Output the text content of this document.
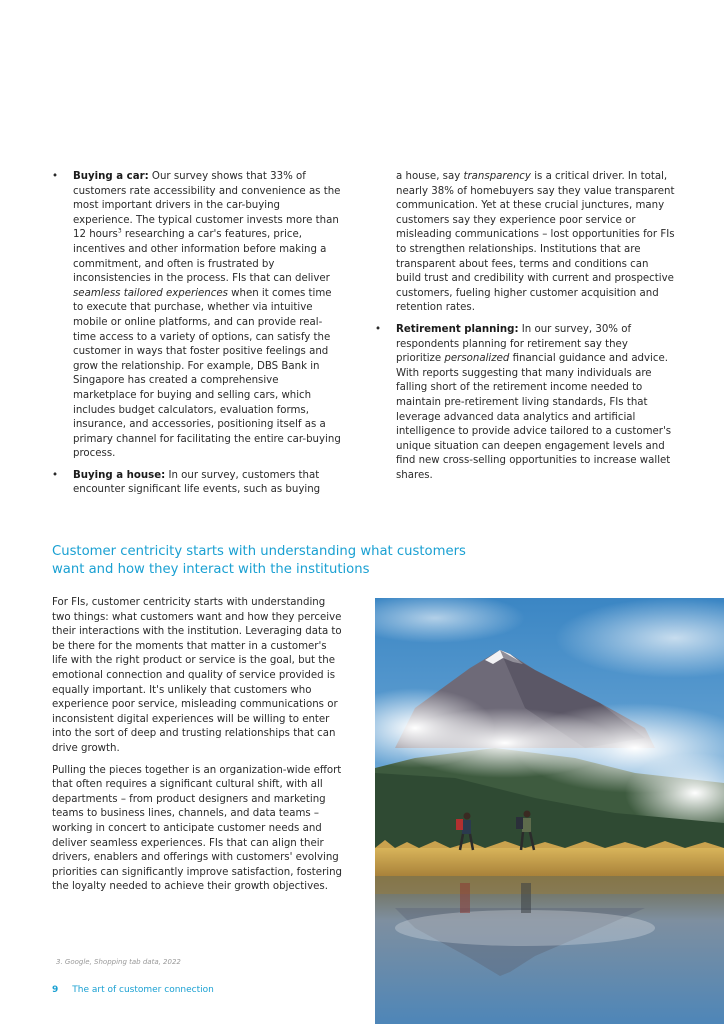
• Buying a car: Our survey shows that 33% of customers rate accessibility and convenience as the most important drivers in the car-buying experience. The typical customer invests more than 12 hours$^3$ researching a car's features, price, incentives and other information before making a commitment, and often is frustrated by inconsistencies in the process. FIs that can deliver seamless tailored experiences when it comes time to execute that purchase, whether via intuitive mobile or online platforms, and can provide real-time access to a variety of options, can satisfy the customer in ways that foster positive feelings and grow the relationship. For example, DBS Bank in Singapore has created a comprehensive marketplace for buying and selling cars, which includes budget calculators, evaluation forms, insurance, and accessories, positioning itself as a primary channel for facilitating the entire car-buying process.
• Buying a house: In our survey, customers that encounter significant life events, such as buying
a house, say transparency is a critical driver. In total, nearly 38% of homebuyers say they value transparent communication. Yet at these crucial junctures, many customers say they experience poor service or misleading communications – lost opportunities for FIs to strengthen relationships. Institutions that are transparent about fees, terms and conditions can build trust and credibility with current and prospective customers, fueling higher customer acquisition and retention rates.
• Retirement planning: In our survey, 30% of respondents planning for retirement say they prioritize personalized financial guidance and advice. With reports suggesting that many individuals are falling short of the retirement income needed to maintain pre-retirement living standards, FIs that leverage advanced data analytics and artificial intelligence to provide advice tailored to a customer's unique situation can deepen engagement levels and find new cross-selling opportunities to increase wallet shares.
Customer centricity starts with understanding what customers
want and how they interact with the institutions

For FIs, customer centricity starts with understanding two things: what customers want and how they perceive their interactions with the institution. Leveraging data to be there for the moments that matter in a customer's life with the right product or service is the goal, but the emotional connection and quality of service provided is equally important. It's unlikely that customers who experience poor service, misleading communications or inconsistent digital experiences will be willing to enter into the sort of deep and trusting relationships that can drive growth.

Pulling the pieces together is an organization-wide effort that often requires a significant cultural shift, with all departments – from product designers and marketing teams to business lines, channels, and data teams – working in concert to anticipate customer needs and deliver seamless experiences. FIs that can align their drivers, enablers and offerings with customers' evolving priorities can significantly improve satisfaction, fostering the loyalty needed to achieve their growth objectives.

3. Google, Shopping tab data, 2022
9 The art of customer connection
